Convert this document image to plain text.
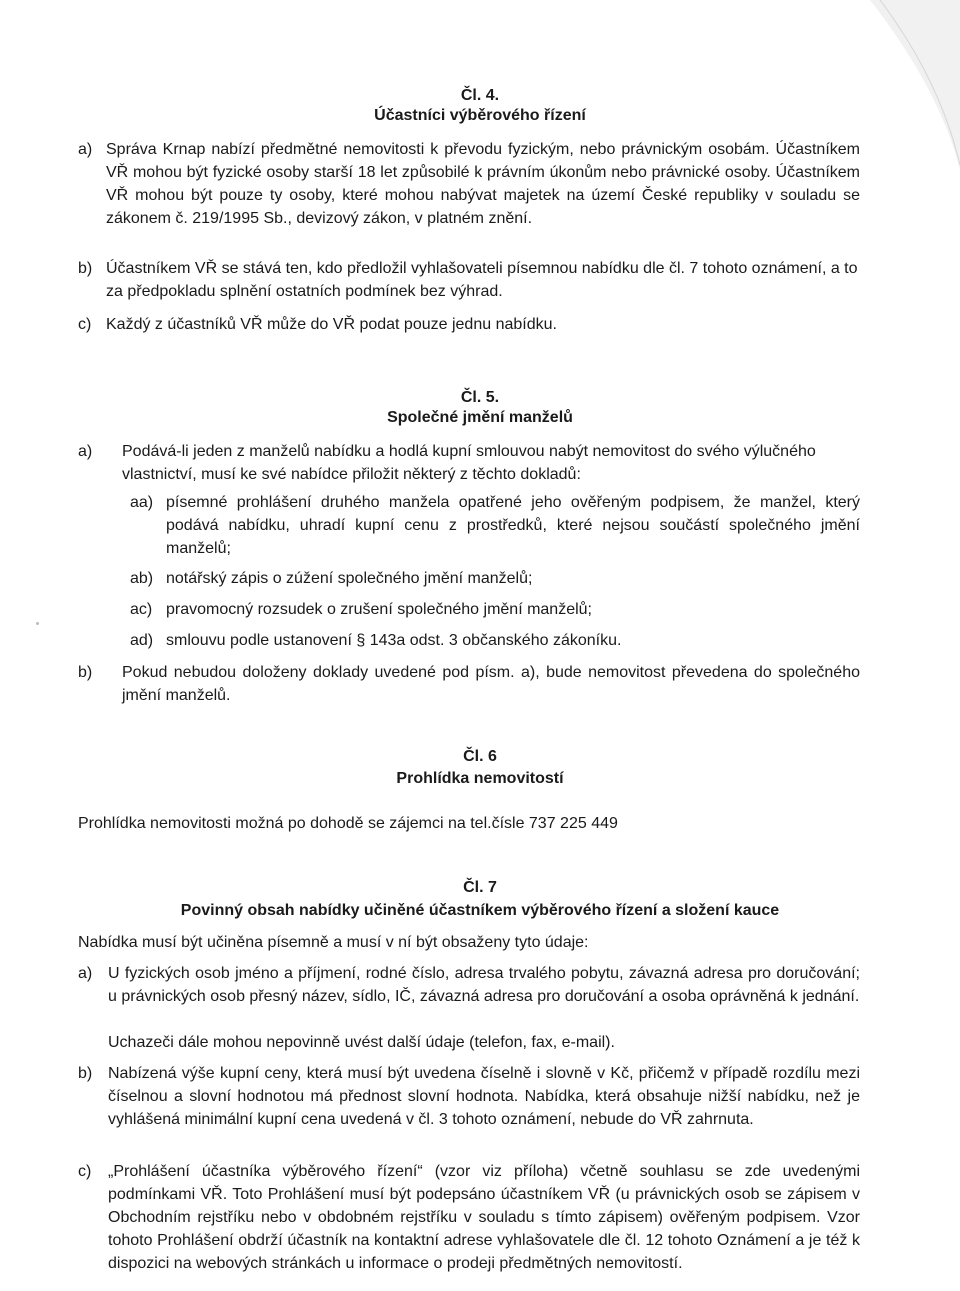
Čl. 4.
Účastníci výběrového řízení
a) Správa Krnap nabízí předmětné nemovitosti k převodu fyzickým, nebo právnickým osobám. Účastníkem VŘ mohou být fyzické osoby starší 18 let způsobilé k právním úkonům nebo právnické osoby. Účastníkem VŘ mohou být pouze ty osoby, které mohou nabývat majetek na území České republiky v souladu se zákonem č. 219/1995 Sb., devizový zákon, v platném znění.
b) Účastníkem VŘ se stává ten, kdo předložil vyhlašovateli písemnou nabídku dle čl. 7 tohoto oznámení, a to za předpokladu splnění ostatních podmínek bez výhrad.
c) Každý z účastníků VŘ může do VŘ podat pouze jednu nabídku.
Čl. 5.
Společné jmění manželů
a) Podává-li jeden z manželů nabídku a hodlá kupní smlouvou nabýt nemovitost do svého výlučného vlastnictví, musí ke své nabídce přiložit některý z těchto dokladů:
aa) písemné prohlášení druhého manžela opatřené jeho ověřeným podpisem, že manžel, který podává nabídku, uhradí kupní cenu z prostředků, které nejsou součástí společného jmění manželů;
ab) notářský zápis o zúžení společného jmění manželů;
ac) pravomocný rozsudek o zrušení společného jmění manželů;
ad) smlouvu podle ustanovení § 143a odst. 3 občanského zákoníku.
b) Pokud nebudou doloženy doklady uvedené pod písm. a), bude nemovitost převedena do společného jmění manželů.
Čl. 6
Prohlídka nemovitostí
Prohlídka nemovitosti možná po dohodě se zájemci na tel.čísle 737 225 449
Čl. 7
Povinný obsah nabídky učiněné účastníkem výběrového řízení a složení kauce
Nabídka musí být učiněna písemně a musí v ní být obsaženy tyto údaje:
a) U fyzických osob jméno a příjmení, rodné číslo, adresa trvalého pobytu, závazná adresa pro doručování; u právnických osob přesný název, sídlo, IČ, závazná adresa pro doručování a osoba oprávněná k jednání.
Uchazeči dále mohou nepovinně uvést další údaje (telefon, fax, e-mail).
b) Nabízená výše kupní ceny, která musí být uvedena číselně i slovně v Kč, přičemž v případě rozdílu mezi číselnou a slovní hodnotou má přednost slovní hodnota. Nabídka, která obsahuje nižší nabídku, než je vyhlášená minimální kupní cena uvedená v čl. 3 tohoto oznámení, nebude do VŘ zahrnuta.
c) „Prohlášení účastníka výběrového řízení“ (vzor viz příloha) včetně souhlasu se zde uvedenými podmínkami VŘ. Toto Prohlášení musí být podepsáno účastníkem VŘ (u právnických osob se zápisem v Obchodním rejstříku nebo v obdobném rejstříku v souladu s tímto zápisem) ověřeným podpisem. Vzor tohoto Prohlášení obdrží účastník na kontaktní adrese vyhlašovatele dle čl. 12 tohoto Oznámení a je též k dispozici na webových stránkách u informace o prodeji předmětných nemovitostí.
